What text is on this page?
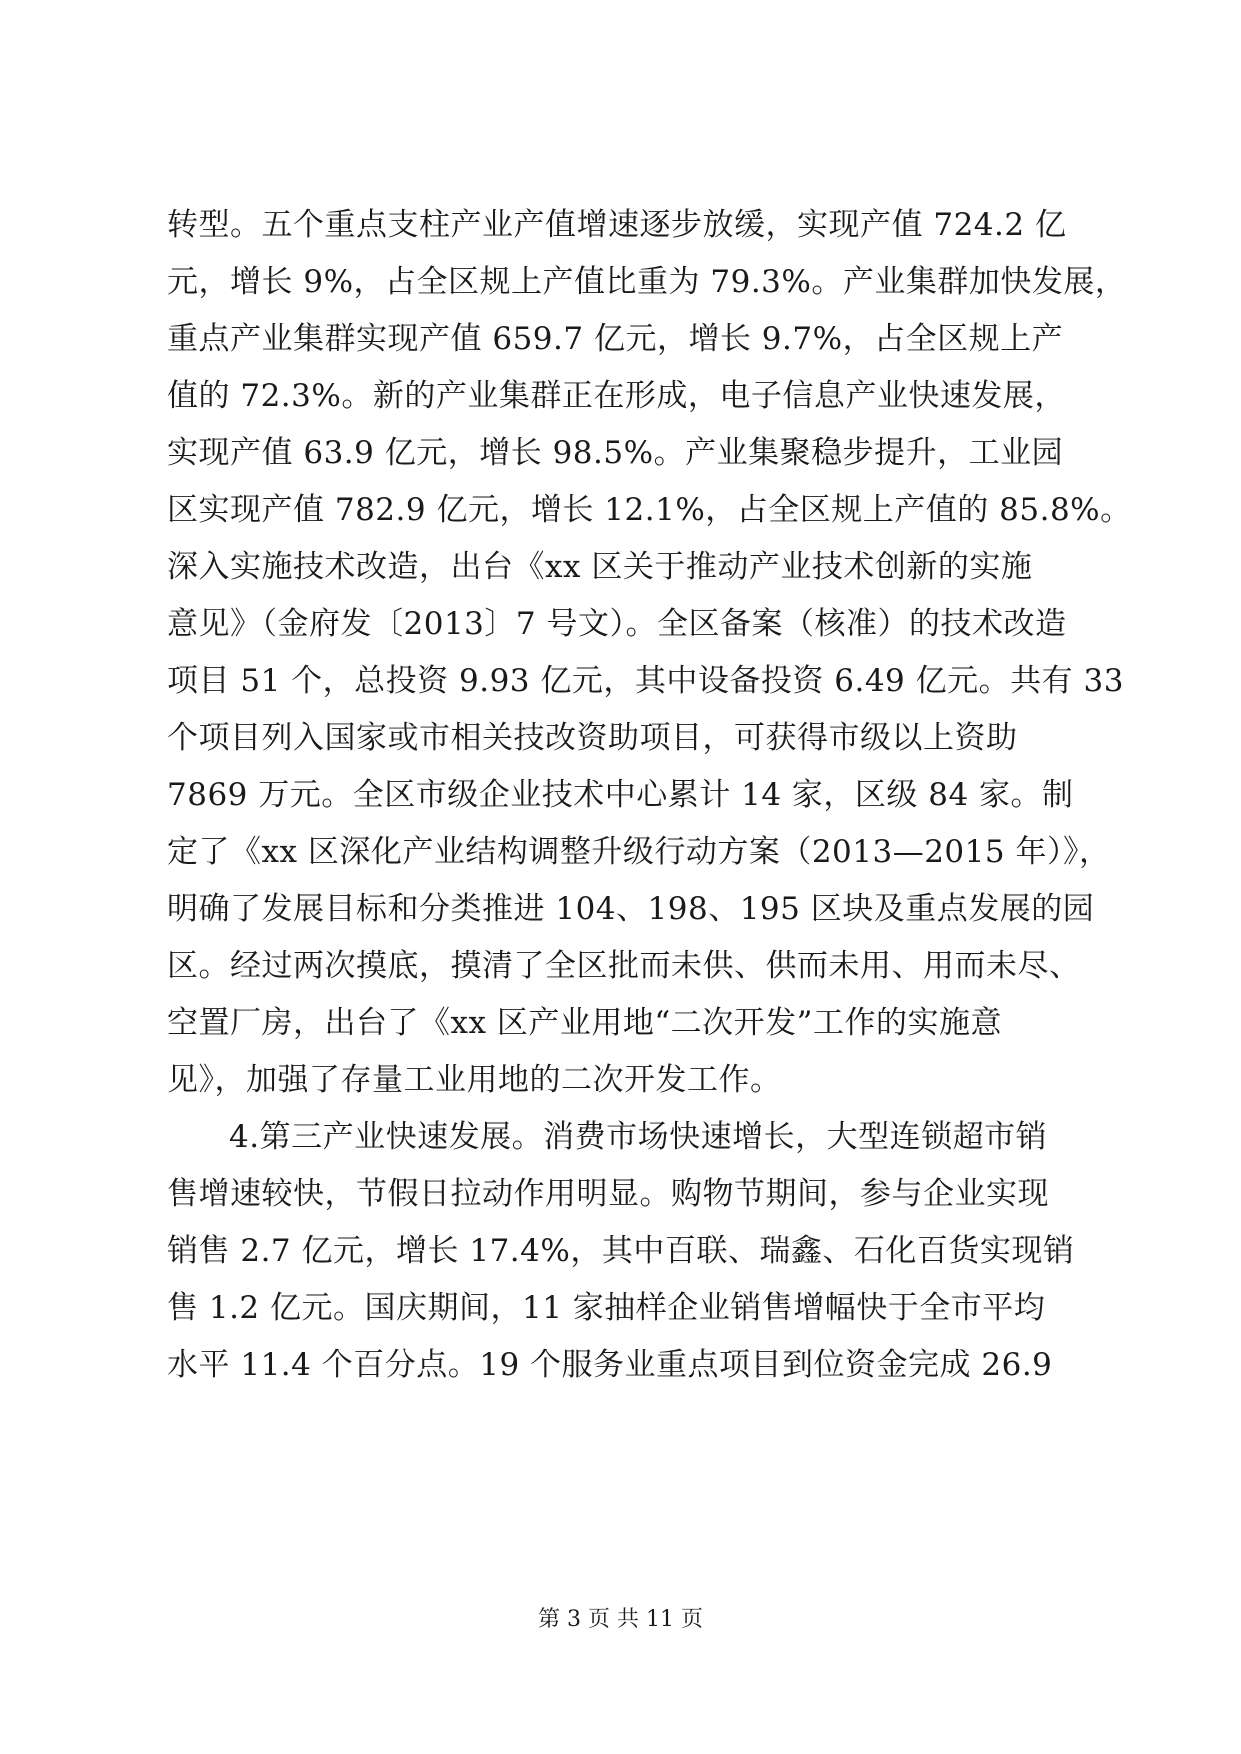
转型。五个重点支柱产业产值增速逐步放缓，实现产值 724.2 亿
元，增长 9%，占全区规上产值比重为 79.3%。产业集群加快发展，
重点产业集群实现产值 659.7 亿元，增长 9.7%，占全区规上产
值的 72.3%。新的产业集群正在形成，电子信息产业快速发展，
实现产值 63.9 亿元，增长 98.5%。产业集聚稳步提升，工业园
区实现产值 782.9 亿元，增长 12.1%，占全区规上产值的 85.8%。
深入实施技术改造，出台《xx 区关于推动产业技术创新的实施
意见》（金府发〔2013〕7 号文）。全区备案（核准）的技术改造
项目 51 个，总投资 9.93 亿元，其中设备投资 6.49 亿元。共有 33
个项目列入国家或市相关技改资助项目，可获得市级以上资助
7869 万元。全区市级企业技术中心累计 14 家，区级 84 家。制
定了《xx 区深化产业结构调整升级行动方案（2013—2015 年）》，
明确了发展目标和分类推进 104、198、195 区块及重点发展的园
区。经过两次摸底，摸清了全区批而未供、供而未用、用而未尽、
空置厂房，出台了《xx 区产业用地“二次开发”工作的实施意
见》，加强了存量工业用地的二次开发工作。
4.第三产业快速发展。消费市场快速增长，大型连锁超市销
售增速较快，节假日拉动作用明显。购物节期间，参与企业实现
销售 2.7 亿元，增长 17.4%，其中百联、瑞鑫、石化百货实现销
售 1.2 亿元。国庆期间，11 家抽样企业销售增幅快于全市平均
水平 11.4 个百分点。19 个服务业重点项目到位资金完成 26.9
第 3 页 共 11 页
